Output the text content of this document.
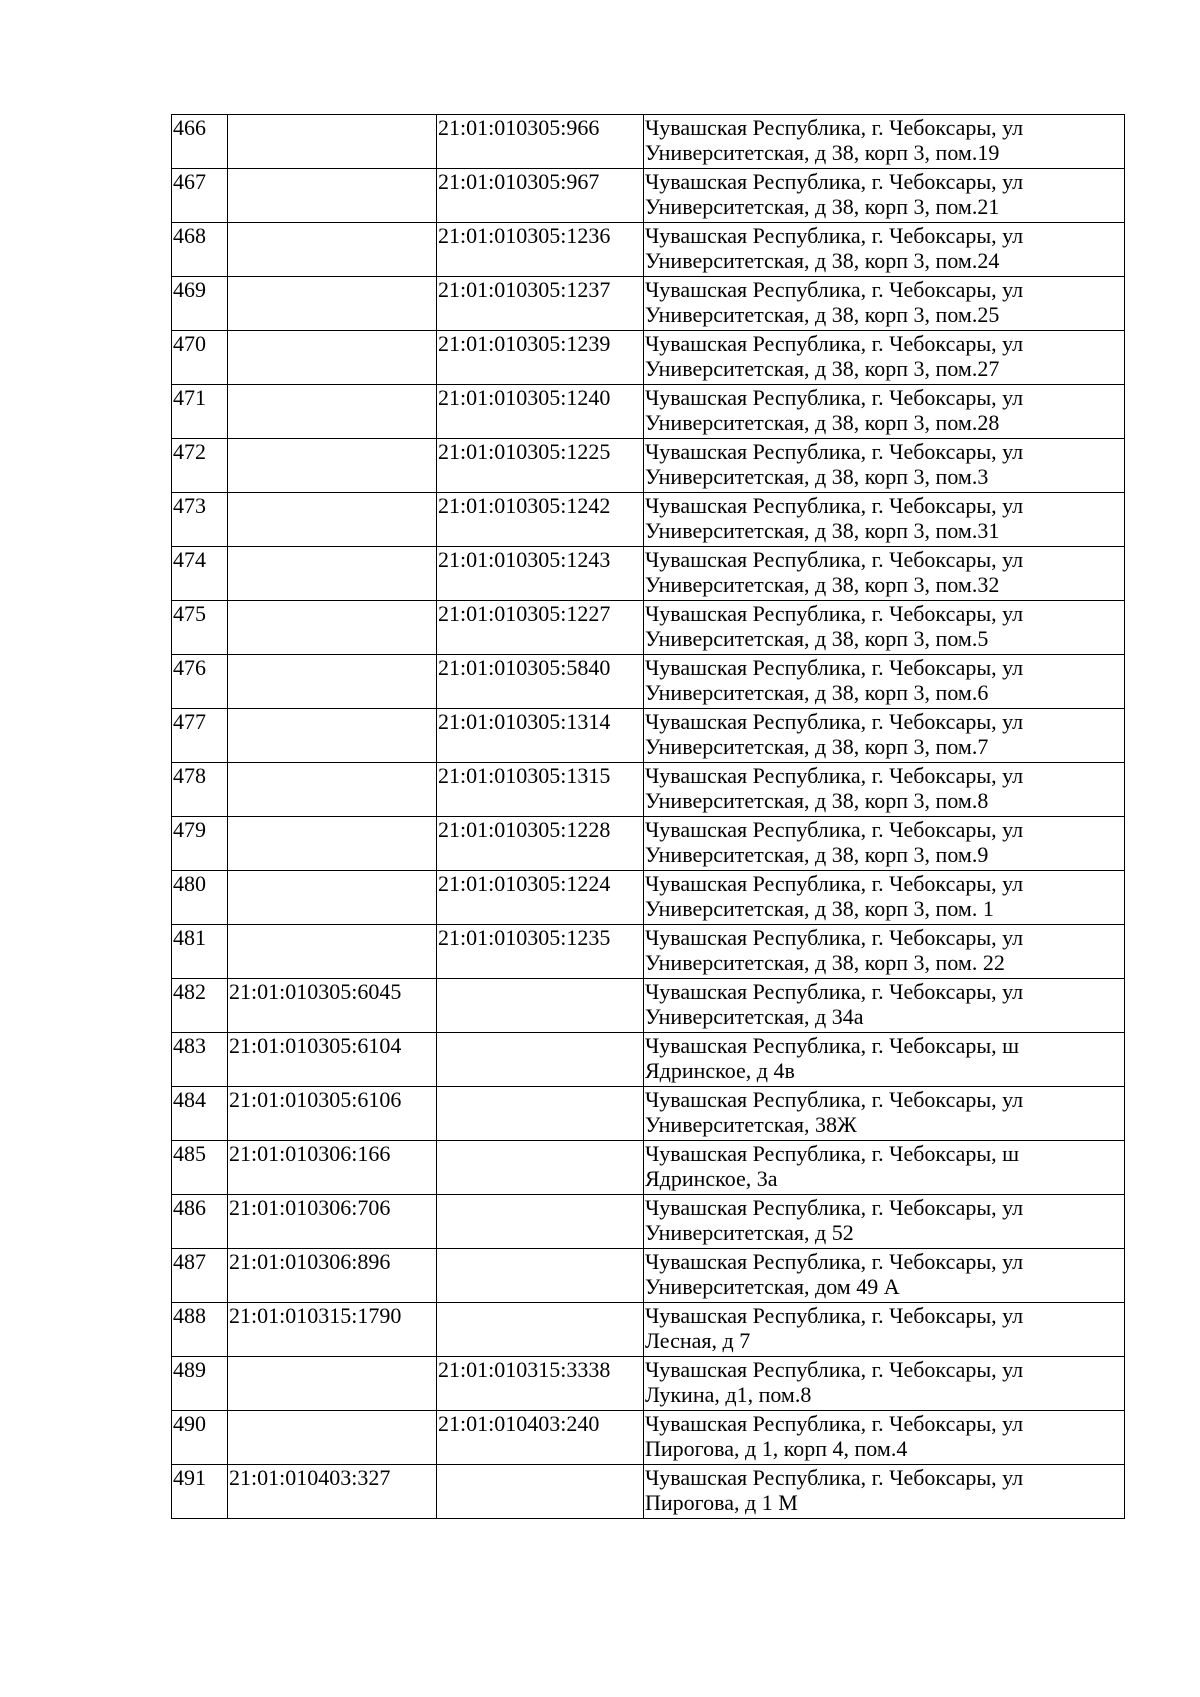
466		21:01:010305:966	Чувашская Республика, г. Чебоксары, ул
Университетская, д 38, корп 3, пом.19

467		21:01:010305:967	Чувашская Республика, г. Чебоксары, ул
Университетская, д 38, корп 3, пом.21

468		21:01:010305:1236	Чувашская Республика, г. Чебоксары, ул
Университетская, д 38, корп 3, пом.24

469		21:01:010305:1237	Чувашская Республика, г. Чебоксары, ул
Университетская, д 38, корп 3, пом.25

470		21:01:010305:1239	Чувашская Республика, г. Чебоксары, ул
Университетская, д 38, корп 3, пом.27

471		21:01:010305:1240	Чувашская Республика, г. Чебоксары, ул
Университетская, д 38, корп 3, пом.28

472		21:01:010305:1225	Чувашская Республика, г. Чебоксары, ул
Университетская, д 38, корп 3, пом.3

473		21:01:010305:1242	Чувашская Республика, г. Чебоксары, ул
Университетская, д 38, корп 3, пом.31

474		21:01:010305:1243	Чувашская Республика, г. Чебоксары, ул
Университетская, д 38, корп 3, пом.32

475		21:01:010305:1227	Чувашская Республика, г. Чебоксары, ул
Университетская, д 38, корп 3, пом.5

476		21:01:010305:5840	Чувашская Республика, г. Чебоксары, ул
Университетская, д 38, корп 3, пом.6

477		21:01:010305:1314	Чувашская Республика, г. Чебоксары, ул
Университетская, д 38, корп 3, пом.7

478		21:01:010305:1315	Чувашская Республика, г. Чебоксары, ул
Университетская, д 38, корп 3, пом.8

479		21:01:010305:1228	Чувашская Республика, г. Чебоксары, ул
Университетская, д 38, корп 3, пом.9

480		21:01:010305:1224	Чувашская Республика, г. Чебоксары, ул
Университетская, д 38, корп 3, пом. 1

481		21:01:010305:1235	Чувашская Республика, г. Чебоксары, ул
Университетская, д 38, корп 3, пом. 22

482	21:01:010305:6045		Чувашская Республика, г. Чебоксары, ул
Университетская, д 34а

483	21:01:010305:6104		Чувашская Республика, г. Чебоксары, ш
Ядринское, д 4в

484	21:01:010305:6106		Чувашская Республика, г. Чебоксары, ул
Университетская, 38Ж

485	21:01:010306:166		Чувашская Республика, г. Чебоксары, ш
Ядринское, 3а

486	21:01:010306:706		Чувашская Республика, г. Чебоксары, ул
Университетская, д 52

487	21:01:010306:896		Чувашская Республика, г. Чебоксары, ул
Университетская, дом 49 А

488	21:01:010315:1790		Чувашская Республика, г. Чебоксары, ул
Лесная, д 7

489		21:01:010315:3338	Чувашская Республика, г. Чебоксары, ул
Лукина, д1, пом.8

490		21:01:010403:240	Чувашская Республика, г. Чебоксары, ул
Пирогова, д 1, корп 4, пом.4

491	21:01:010403:327		Чувашская Республика, г. Чебоксары, ул
Пирогова, д 1 М
